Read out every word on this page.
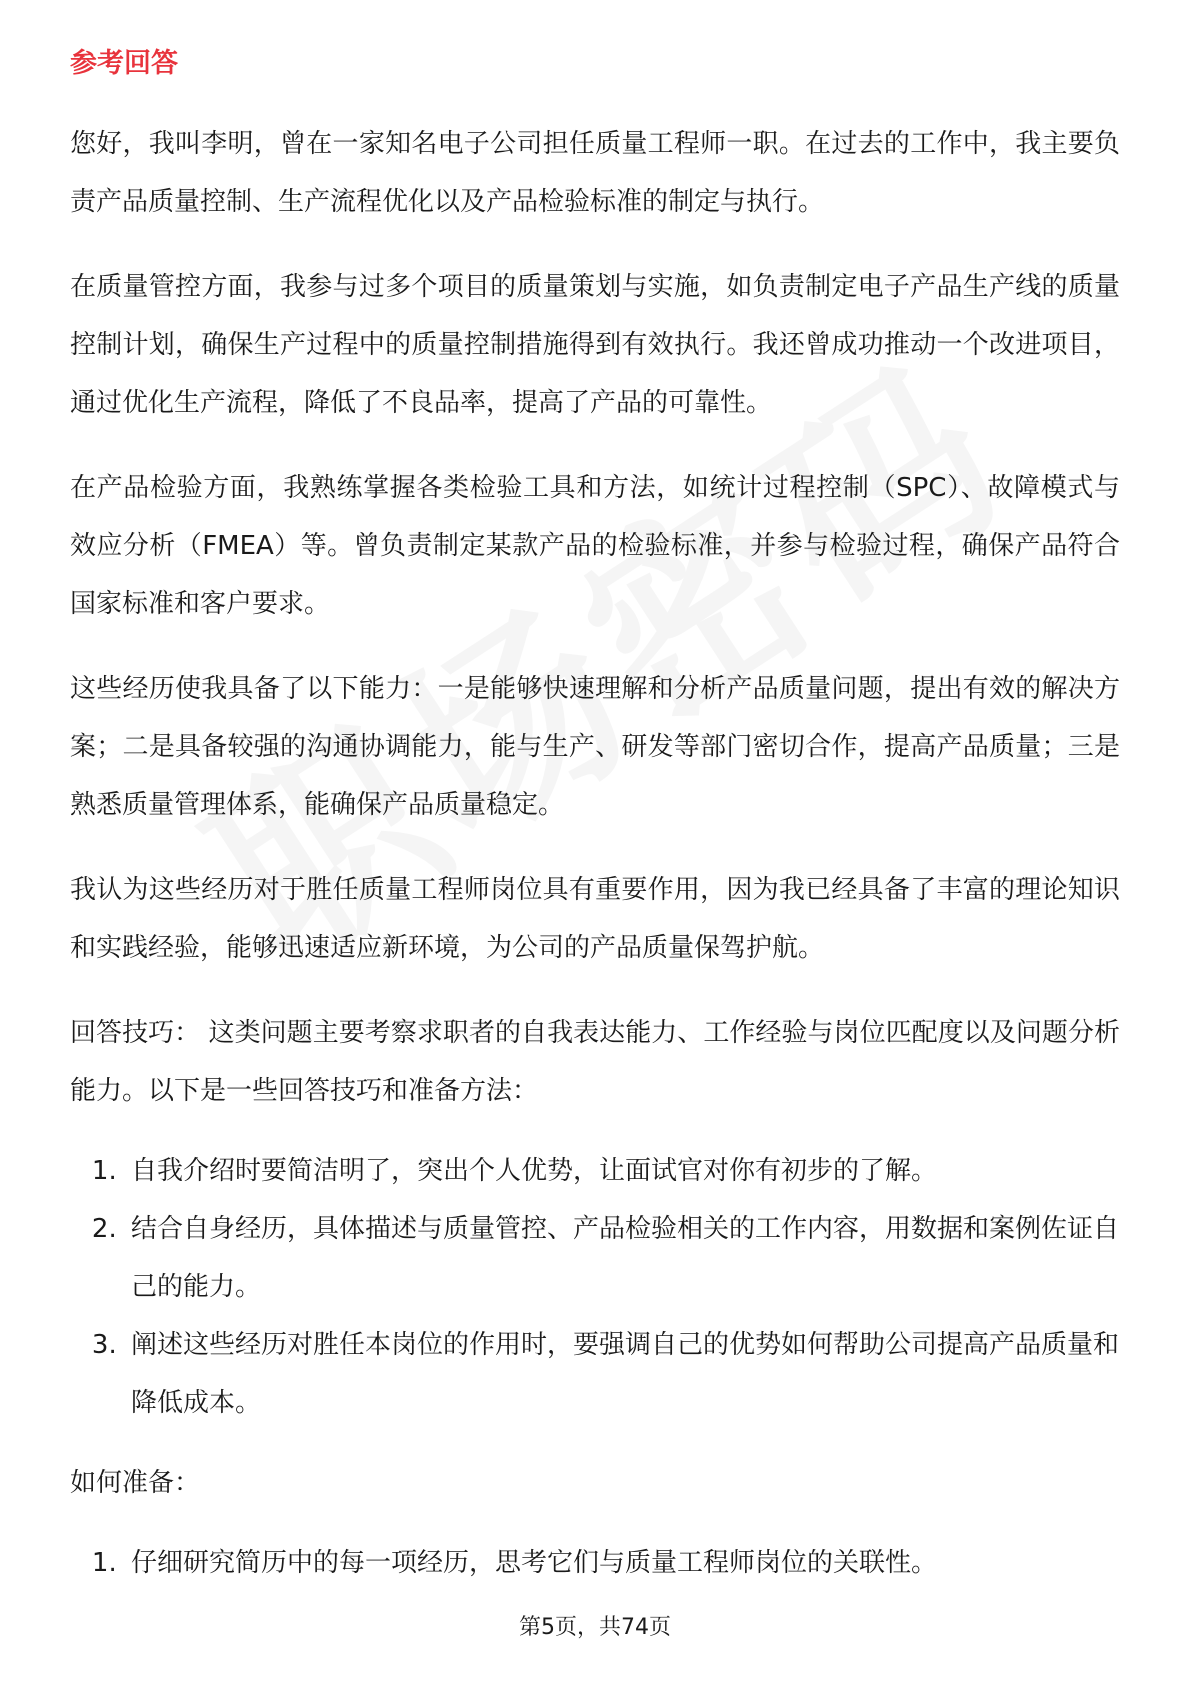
参考回答

您好，我叫李明，曾在一家知名电子公司担任质量工程师一职。在过去的工作中，我主要负责产品质量控制、生产流程优化以及产品检验标准的制定与执行。

在质量管控方面，我参与过多个项目的质量策划与实施，如负责制定电子产品生产线的质量控制计划，确保生产过程中的质量控制措施得到有效执行。我还曾成功推动一个改进项目，通过优化生产流程，降低了不良品率，提高了产品的可靠性。

在产品检验方面，我熟练掌握各类检验工具和方法，如统计过程控制（SPC）、故障模式与效应分析（FMEA）等。曾负责制定某款产品的检验标准，并参与检验过程，确保产品符合国家标准和客户要求。

这些经历使我具备了以下能力：一是能够快速理解和分析产品质量问题，提出有效的解决方案；二是具备较强的沟通协调能力，能与生产、研发等部门密切合作，提高产品质量；三是熟悉质量管理体系，能确保产品质量稳定。

我认为这些经历对于胜任质量工程师岗位具有重要作用，因为我已经具备了丰富的理论知识和实践经验，能够迅速适应新环境，为公司的产品质量保驾护航。

回答技巧： 这类问题主要考察求职者的自我表达能力、工作经验与岗位匹配度以及问题分析能力。以下是一些回答技巧和准备方法：

1. 自我介绍时要简洁明了，突出个人优势，让面试官对你有初步的了解。
2. 结合自身经历，具体描述与质量管控、产品检验相关的工作内容，用数据和案例佐证自己的能力。
3. 阐述这些经历对胜任本岗位的作用时，要强调自己的优势如何帮助公司提高产品质量和降低成本。

如何准备：

1. 仔细研究简历中的每一项经历，思考它们与质量工程师岗位的关联性。
第5页，共74页
